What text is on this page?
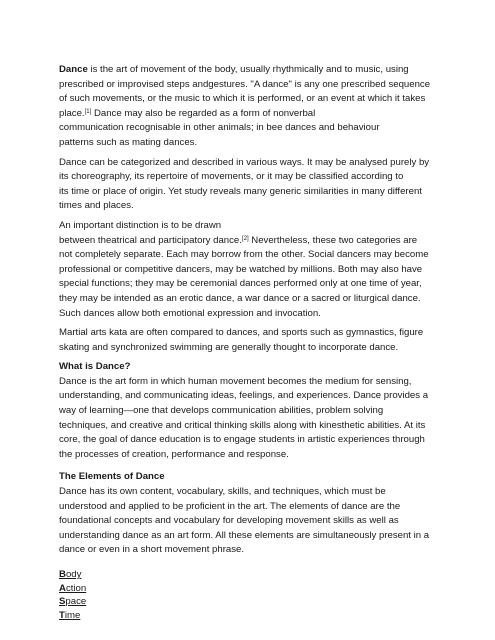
Dance is the art of movement of the body, usually rhythmically and to music, using
prescribed or improvised steps andgestures. "A dance" is any one prescribed sequence
of such movements, or the music to which it is performed, or an event at which it takes
place.[1] Dance may also be regarded as a form of nonverbal
communication recognisable in other animals; in bee dances and behaviour
patterns such as mating dances.

Dance can be categorized and described in various ways. It may be analysed purely by
its choreography, its repertoire of movements, or it may be classified according to
its time or place of origin. Yet study reveals many generic similarities in many different
times and places.

An important distinction is to be drawn
between theatrical and participatory dance.[2] Nevertheless, these two categories are
not completely separate. Each may borrow from the other. Social dancers may become
professional or competitive dancers, may be watched by millions. Both may also have
special functions; they may be ceremonial dances performed only at one time of year,
they may be intended as an erotic dance, a war dance or a sacred or liturgical dance.
Such dances allow both emotional expression and invocation.

Martial arts kata are often compared to dances, and sports such as gymnastics, figure
skating and synchronized swimming are generally thought to incorporate dance.

What is Dance?
Dance is the art form in which human movement becomes the medium for sensing,
understanding, and communicating ideas, feelings, and experiences. Dance provides a
way of learning—one that develops communication abilities, problem solving
techniques, and creative and critical thinking skills along with kinesthetic abilities. At its
core, the goal of dance education is to engage students in artistic experiences through
the processes of creation, performance and response.

The Elements of Dance
Dance has its own content, vocabulary, skills, and techniques, which must be
understood and applied to be proficient in the art. The elements of dance are the
foundational concepts and vocabulary for developing movement skills as well as
understanding dance as an art form. All these elements are simultaneously present in a
dance or even in a short movement phrase.

Body
Action
Space
Time
